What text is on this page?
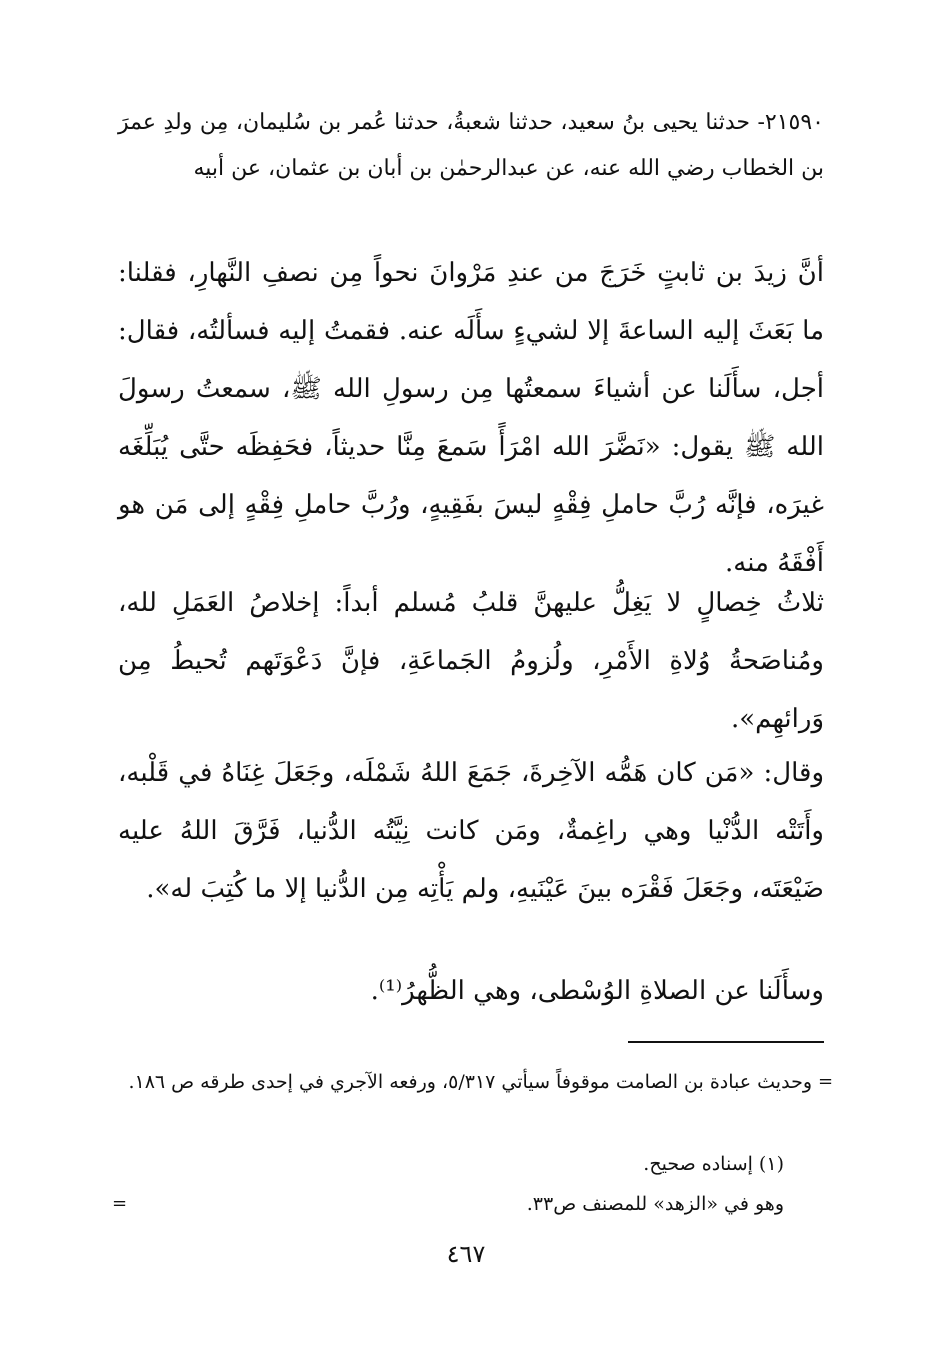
٢١٥٩٠- حدثنا يحيى بنُ سعيد، حدثنا شعبةُ، حدثنا عُمر بن سُليمان، مِن ولدِ عمرَ بن الخطاب رضي الله عنه، عن عبدالرحمٰن بن أبان بن عثمان، عن أبيه
أنَّ زيدَ بن ثابتٍ خَرَجَ من عندِ مَرْوانَ نحواً مِن نصفِ النَّهارِ، فقلنا: ما بَعَثَ إليه الساعةَ إلا لشيءٍ سأَلَه عنه. فقمتُ إليه فسألتُه، فقال: أجل، سأَلَنا عن أشياءَ سمعتُها مِن رسولِ الله ﷺ، سمعتُ رسولَ الله ﷺ يقول: «نَضَّرَ الله امْرَأً سَمعَ مِنَّا حديثاً، فحَفِظَه حتَّى يُبَلِّغَه غيرَه، فإنَّه رُبَّ حاملِ فِقْهٍ ليسَ بفَقِيهٍ، ورُبَّ حاملِ فِقْهٍ إلى مَن هو أَفْقَهُ منه.
ثلاثُ خِصالٍ لا يَغِلُّ عليهنَّ قلبُ مُسلم أبداً: إخلاصُ العَمَلِ لله، ومُناصَحةُ وُلاةِ الأَمْرِ، ولُزومُ الجَماعَةِ، فإنَّ دَعْوَتَهم تُحيطُ مِن وَرائهِم».
وقال: «مَن كان هَمُّه الآخِرةَ، جَمَعَ اللهُ شَمْلَه، وجَعَلَ غِنَاهُ في قَلْبه، وأَتَتْه الدُّنْيا وهي راغِمةٌ، ومَن كانت نِيَّتُه الدُّنيا، فَرَّقَ اللهُ عليه ضَيْعَتَه، وجَعَلَ فَقْرَه بينَ عَيْنَيهِ، ولم يَأْتِه مِن الدُّنيا إلا ما كُتِبَ له».
وسأَلَنا عن الصلاةِ الوُسْطى، وهي الظُّهرُ⁽¹⁾.
=
وحديث عبادة بن الصامت موقوفاً سيأتي ٥/٣١٧، ورفعه الآجري في إحدى طرقه ص ١٨٦.
(١) إسناده صحيح.
وهو في «الزهد» للمصنف ص٣٣.
=
٤٦٧
